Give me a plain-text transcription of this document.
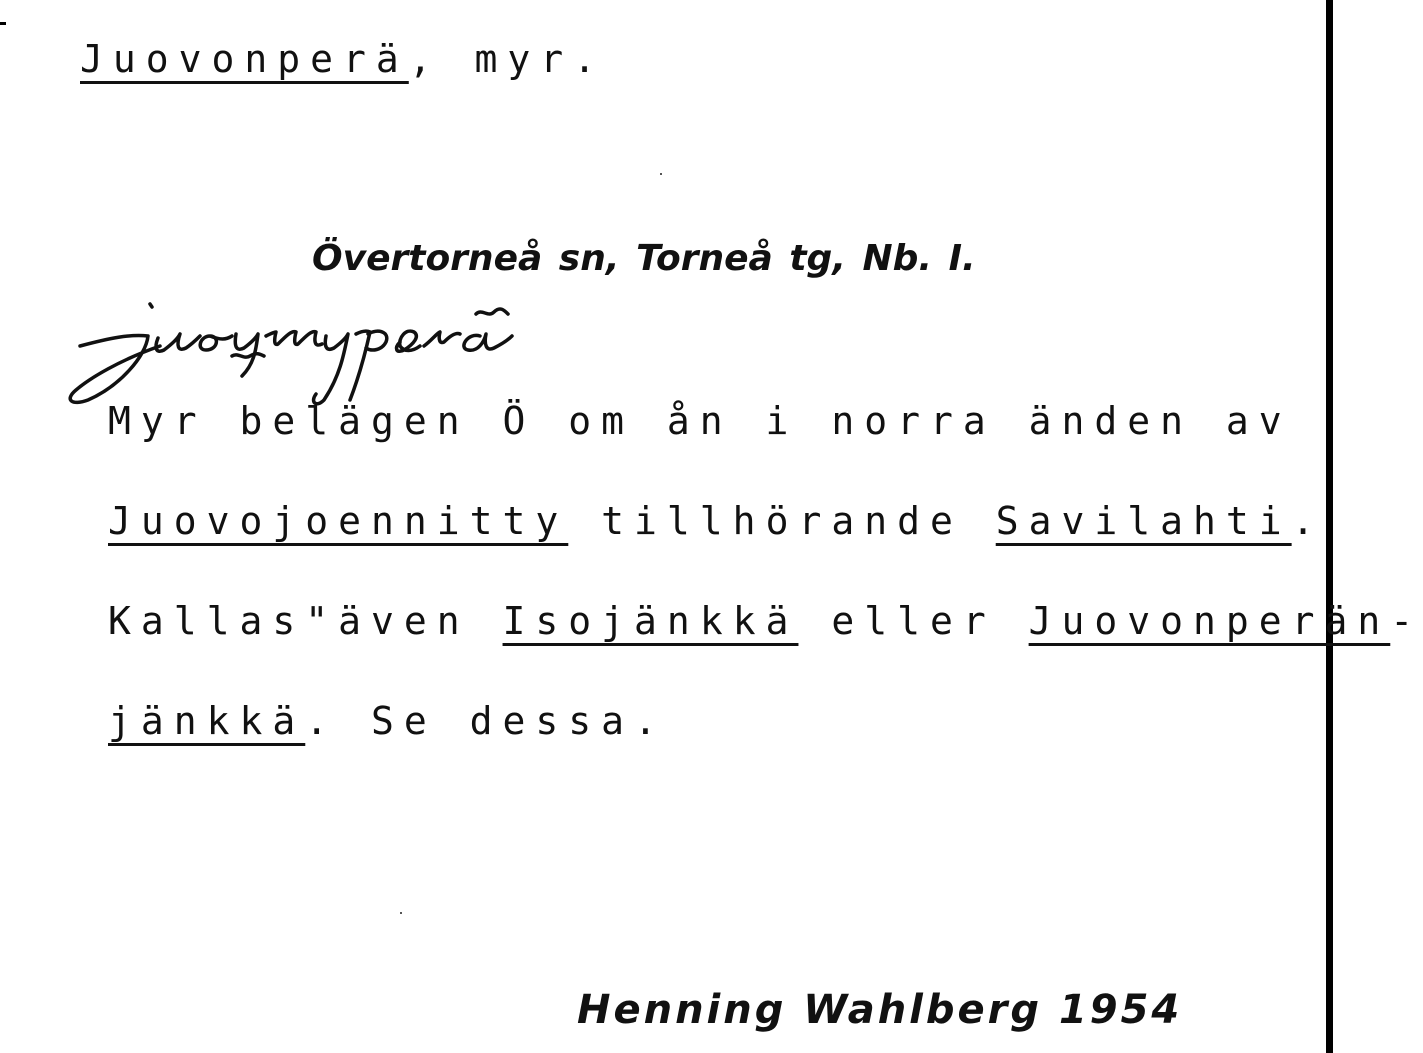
Juovonperä, myr.
Övertorneå sn, Torneå tg, Nb. I.
Myr belägen Ö om ån i norra änden av
Juovojoennitty tillhörande Savilahti.
Kallas"även Isojänkkä eller Juovonperän-
jänkkä. Se dessa.
Henning Wahlberg 1954
